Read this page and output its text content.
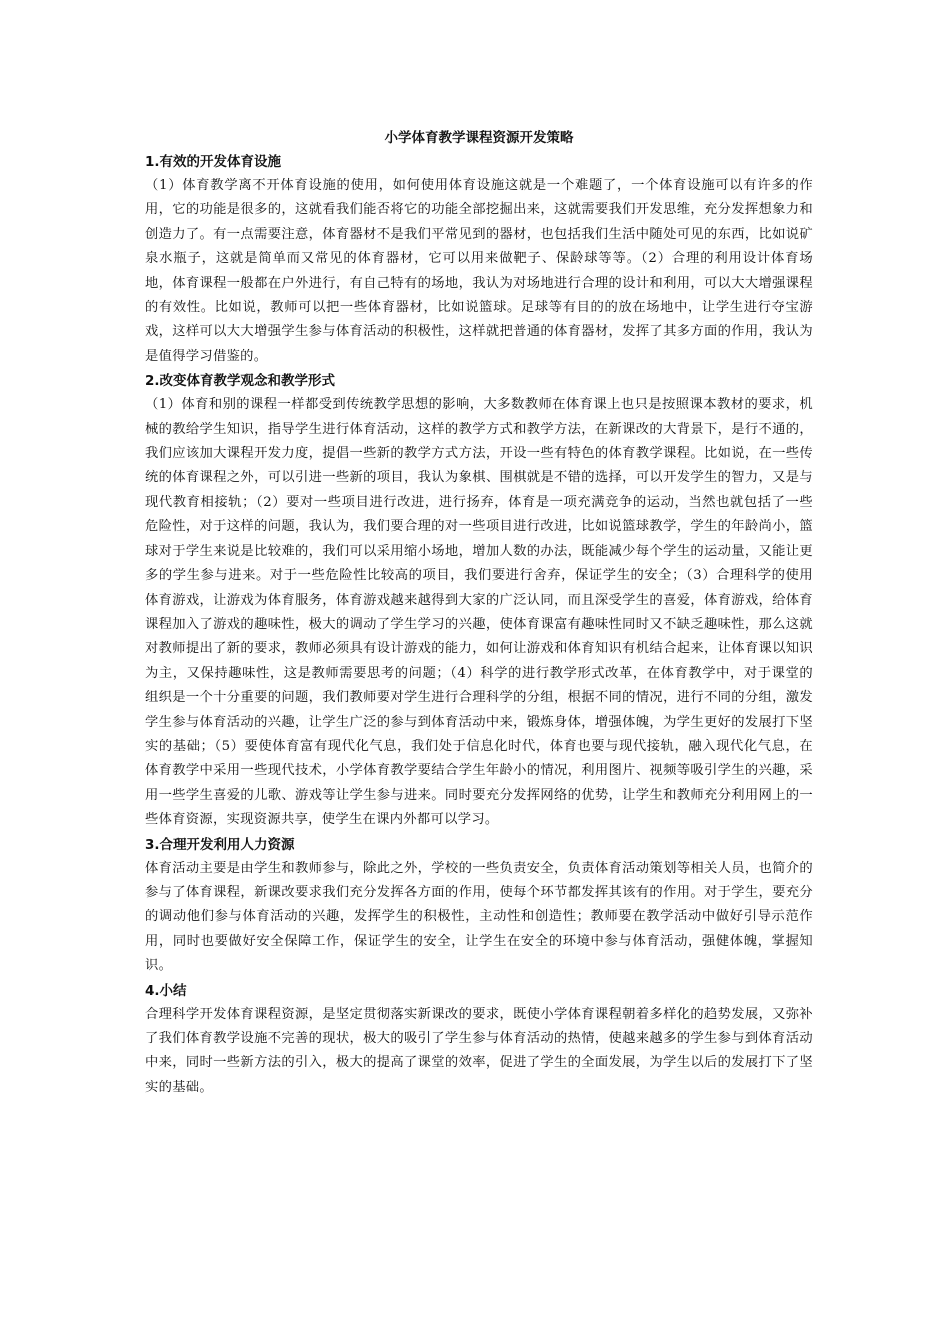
小学体育教学课程资源开发策略
1.有效的开发体育设施

（1）体育教学离不开体育设施的使用，如何使用体育设施这就是一个难题了，一个体育设施可以有许多的作用，它的功能是很多的，这就看我们能否将它的功能全部挖掘出来，这就需要我们开发思维，充分发挥想象力和创造力了。有一点需要注意，体育器材不是我们平常见到的器材，也包括我们生活中随处可见的东西，比如说矿泉水瓶子，这就是简单而又常见的体育器材，它可以用来做靶子、保龄球等等。（2）合理的利用设计体育场地，体育课程一般都在户外进行，有自己特有的场地，我认为对场地进行合理的设计和利用，可以大大增强课程的有效性。比如说，教师可以把一些体育器材，比如说篮球。足球等有目的的放在场地中，让学生进行夺宝游戏，这样可以大大增强学生参与体育活动的积极性，这样就把普通的体育器材，发挥了其多方面的作用，我认为是值得学习借鉴的。

2.改变体育教学观念和教学形式

（1）体育和别的课程一样都受到传统教学思想的影响，大多数教师在体育课上也只是按照课本教材的要求，机械的教给学生知识，指导学生进行体育活动，这样的教学方式和教学方法，在新课改的大背景下，是行不通的，我们应该加大课程开发力度，提倡一些新的教学方式方法，开设一些有特色的体育教学课程。比如说，在一些传统的体育课程之外，可以引进一些新的项目，我认为象棋、围棋就是不错的选择，可以开发学生的智力，又是与现代教育相接轨；（2）要对一些项目进行改进，进行扬弃，体育是一项充满竞争的运动，当然也就包括了一些危险性，对于这样的问题，我认为，我们要合理的对一些项目进行改进，比如说篮球教学，学生的年龄尚小，篮球对于学生来说是比较难的，我们可以采用缩小场地，增加人数的办法，既能减少每个学生的运动量，又能让更多的学生参与进来。对于一些危险性比较高的项目，我们要进行舍弃，保证学生的安全；（3）合理科学的使用体育游戏，让游戏为体育服务，体育游戏越来越得到大家的广泛认同，而且深受学生的喜爱，体育游戏，给体育课程加入了游戏的趣味性，极大的调动了学生学习的兴趣，使体育课富有趣味性同时又不缺乏趣味性，那么这就对教师提出了新的要求，教师必须具有设计游戏的能力，如何让游戏和体育知识有机结合起来，让体育课以知识为主，又保持趣味性，这是教师需要思考的问题；（4）科学的进行教学形式改革，在体育教学中，对于课堂的组织是一个十分重要的问题，我们教师要对学生进行合理科学的分组，根据不同的情况，进行不同的分组，激发学生参与体育活动的兴趣，让学生广泛的参与到体育活动中来，锻炼身体，增强体魄，为学生更好的发展打下坚实的基础；（5）要使体育富有现代化气息，我们处于信息化时代，体育也要与现代接轨，融入现代化气息，在体育教学中采用一些现代技术，小学体育教学要结合学生年龄小的情况，利用图片、视频等吸引学生的兴趣，采用一些学生喜爱的儿歌、游戏等让学生参与进来。同时要充分发挥网络的优势，让学生和教师充分利用网上的一些体育资源，实现资源共享，使学生在课内外都可以学习。

3.合理开发利用人力资源

体育活动主要是由学生和教师参与，除此之外，学校的一些负责安全，负责体育活动策划等相关人员，也简介的参与了体育课程，新课改要求我们充分发挥各方面的作用，使每个环节都发挥其该有的作用。对于学生，要充分的调动他们参与体育活动的兴趣，发挥学生的积极性，主动性和创造性；教师要在教学活动中做好引导示范作用，同时也要做好安全保障工作，保证学生的安全，让学生在安全的环境中参与体育活动，强健体魄，掌握知识。

4.小结

合理科学开发体育课程资源，是坚定贯彻落实新课改的要求，既使小学体育课程朝着多样化的趋势发展，又弥补了我们体育教学设施不完善的现状，极大的吸引了学生参与体育活动的热情，使越来越多的学生参与到体育活动中来，同时一些新方法的引入，极大的提高了课堂的效率，促进了学生的全面发展，为学生以后的发展打下了坚实的基础。
